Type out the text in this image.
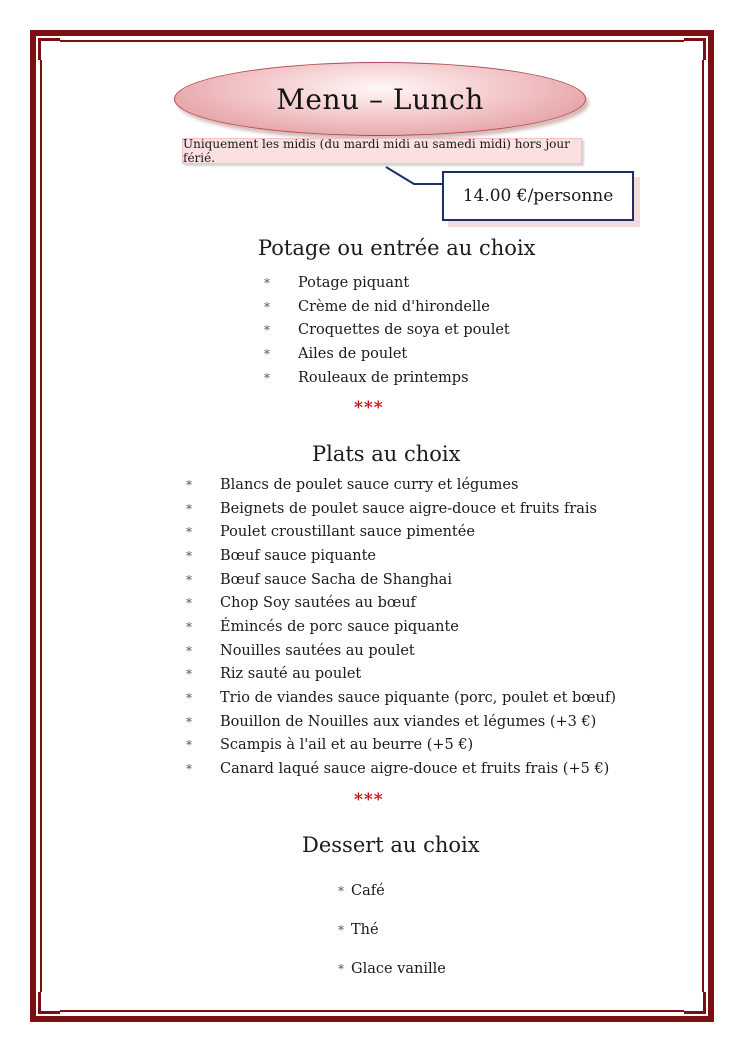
Menu – Lunch
Uniquement les midis (du mardi midi au samedi midi) hors jour férié.
14.00 €/personne
Potage ou entrée au choix
*	Potage piquant
*	Crème de nid d'hirondelle
*	Croquettes de soya et poulet
*	Ailes de poulet
*	Rouleaux de printemps
***
Plats au choix
*	Blancs de poulet sauce curry et légumes
*	Beignets de poulet sauce aigre-douce et fruits frais
*	Poulet croustillant sauce pimentée
*	Bœuf sauce piquante
*	Bœuf sauce Sacha de Shanghai
*	Chop Soy sautées au bœuf
*	Émincés de porc sauce piquante
*	Nouilles sautées au poulet
*	Riz sauté au poulet
*	Trio de viandes sauce piquante (porc, poulet et bœuf)
*	Bouillon de Nouilles aux viandes et légumes (+3 €)
*	Scampis à l'ail et au beurre (+5 €)
*	Canard laqué sauce aigre-douce et fruits frais (+5 €)
***
Dessert au choix
* Café
* Thé
* Glace vanille
